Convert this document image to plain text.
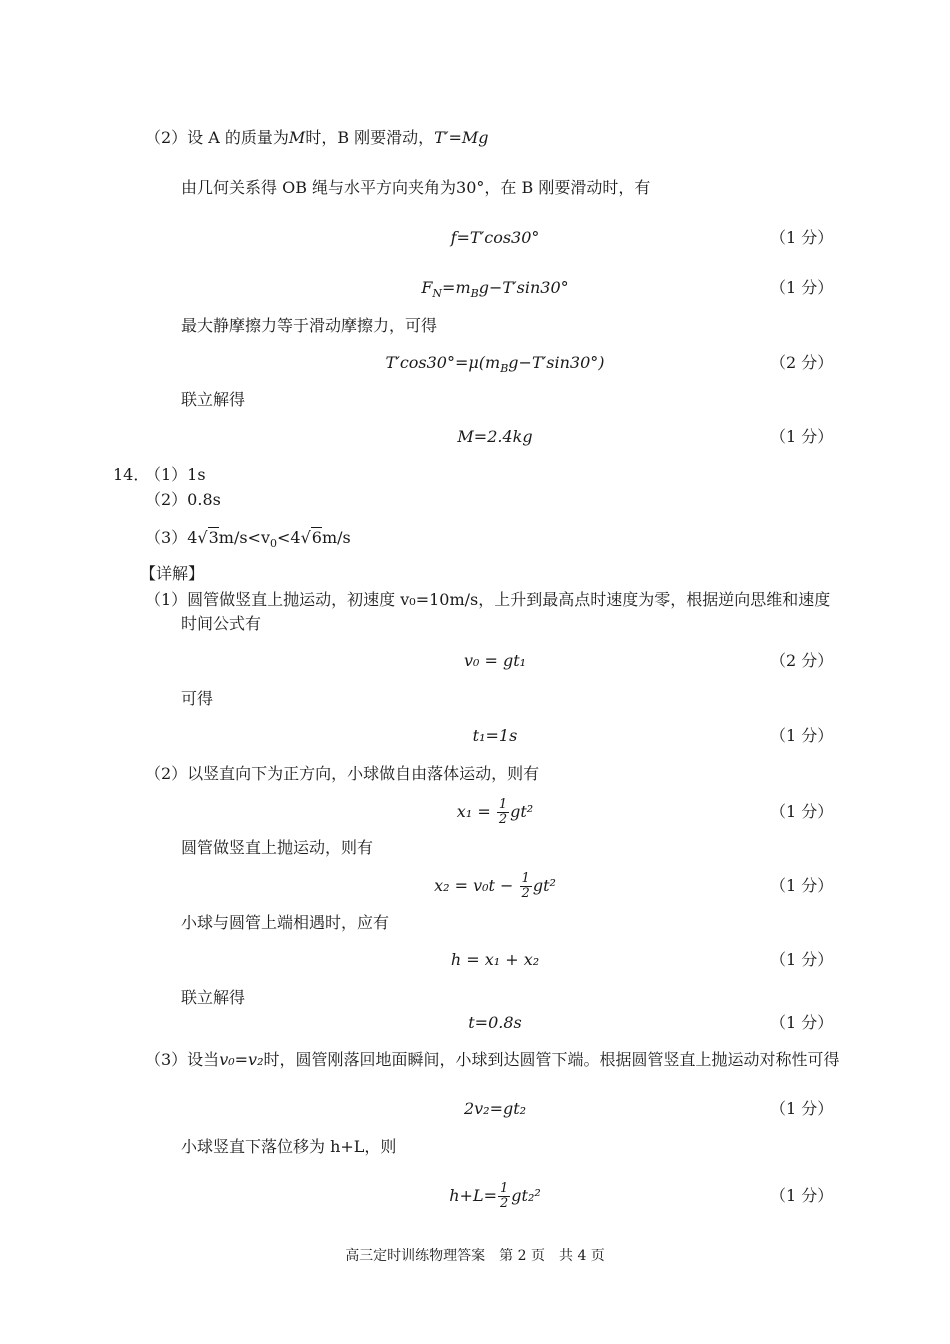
（2）设 A 的质量为M时，B 刚要滑动，T′=Mg
由几何关系得 OB 绳与水平方向夹角为30°，在 B 刚要滑动时，有
f=T′cos30°	（1 分）
$F_N=m_Bg-T'\sin 30^\circ$	（1 分）
最大静摩擦力等于滑动摩擦力，可得
$T'\cos 30^\circ=\mu(m_Bg-T'\sin 30^\circ)$	（2 分）
联立解得
M=2.4kg	（1 分）
14．
（1）1s
（2）0.8s
$(3)4√3m/s<v_0<4√6m/s$
【详解】
（1）圆管做竖直上抛运动，初速度 v₀=10m/s，上升到最高点时速度为零，根据逆向思维和速度
时间公式有
v₀ = gt₁	（2 分）
可得
t₁=1s	（1 分）
（2）以竖直向下为正方向，小球做自由落体运动，则有
$x_1 = \frac{1}{2} gt^2$	（1 分）
圆管做竖直上抛运动，则有
$x_2 = v_0t - \frac{1}{2} gt^2$	（1 分）
小球与圆管上端相遇时，应有
h = x₁ + x₂	（1 分）
联立解得
t=0.8s	（1 分）
（3）设当v₀=v₂时，圆管刚落回地面瞬间，小球到达圆管下端。根据圆管竖直上抛运动对称性可得
2v₂=gt₂	（1 分）
小球竖直下落位移为 h+L，则
$h+L= \frac{1}{2} gt_2^2$	（1 分）
高三定时训练物理答案　第 2 页　共 4 页
